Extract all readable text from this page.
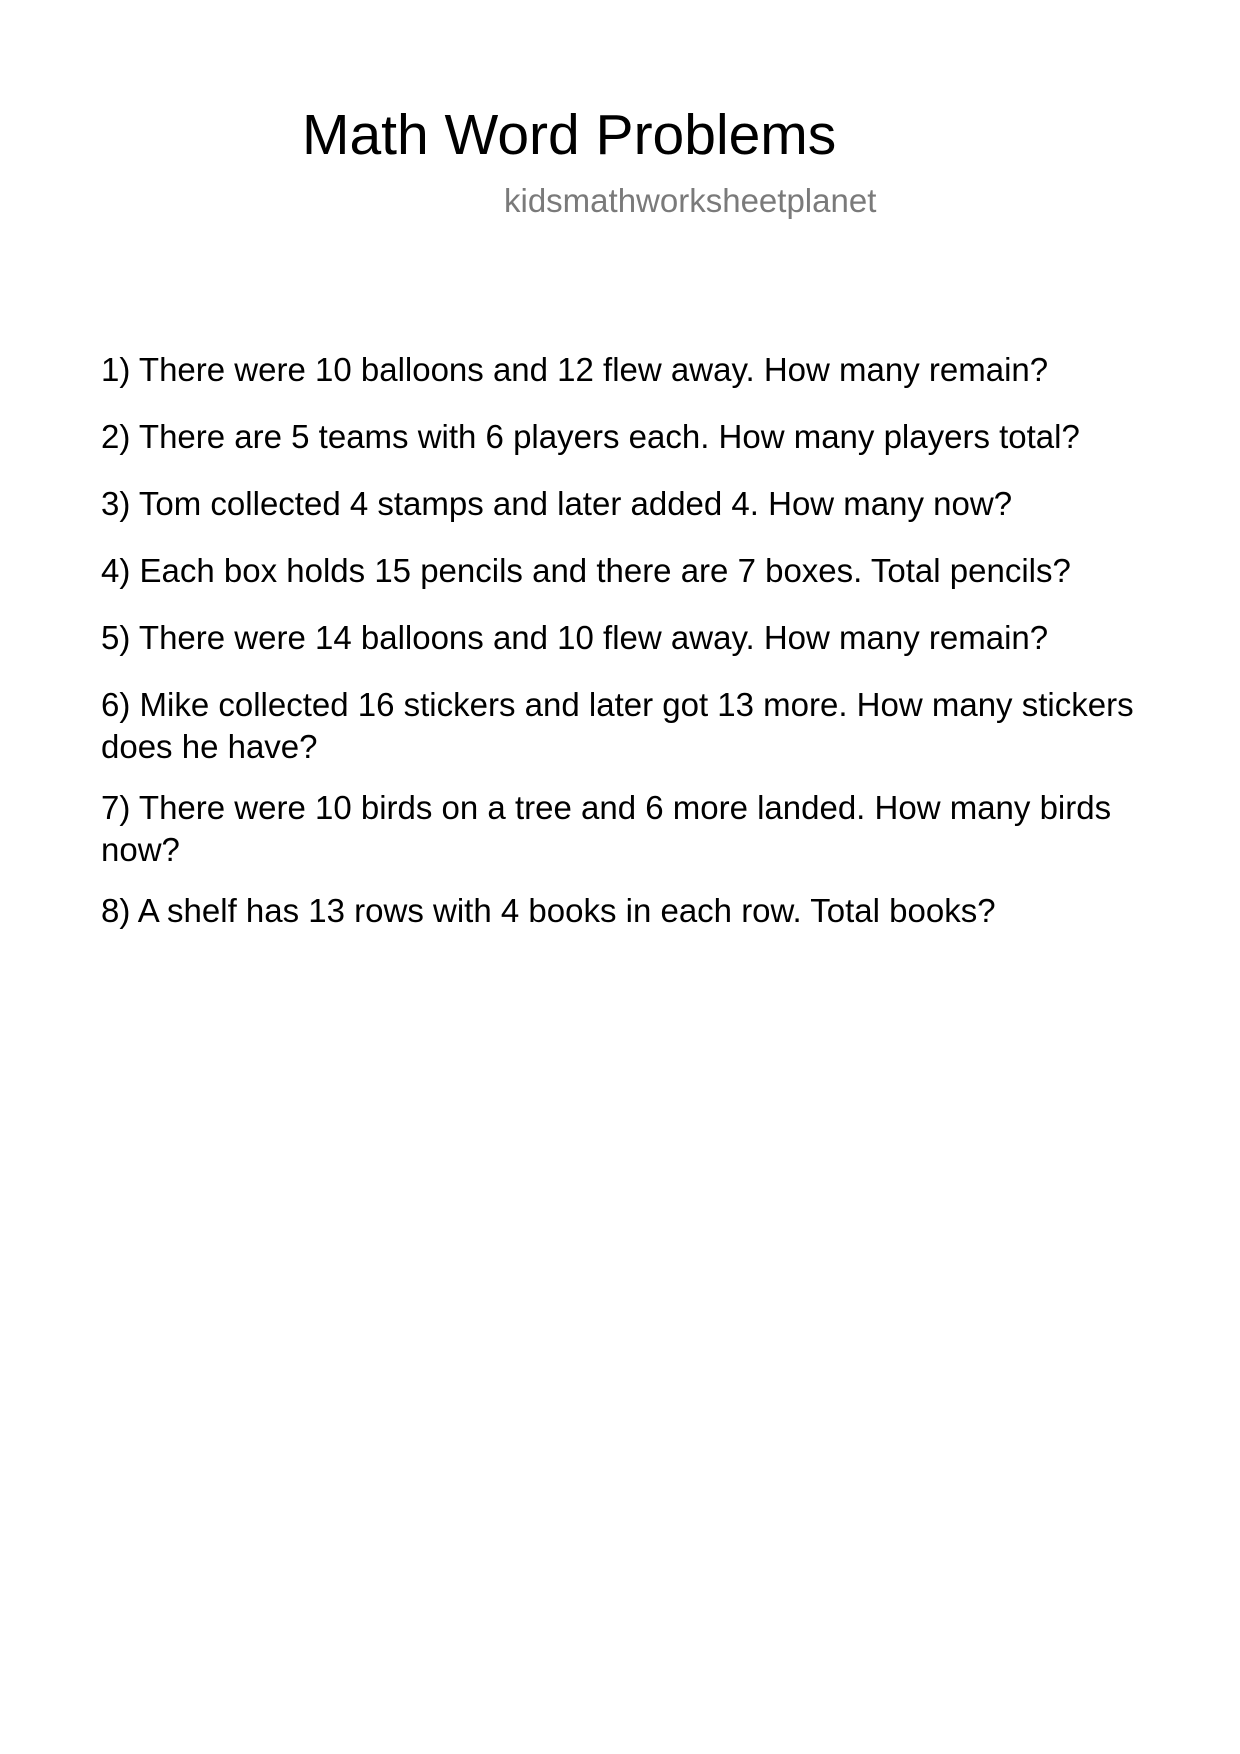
Math Word Problems
kidsmathworksheetplanet
1) There were 10 balloons and 12 flew away. How many remain?
2) There are 5 teams with 6 players each. How many players total?
3) Tom collected 4 stamps and later added 4. How many now?
4) Each box holds 15 pencils and there are 7 boxes. Total pencils?
5) There were 14 balloons and 10 flew away. How many remain?
6) Mike collected 16 stickers and later got 13 more. How many stickers does he have?
7) There were 10 birds on a tree and 6 more landed. How many birds now?
8) A shelf has 13 rows with 4 books in each row. Total books?
